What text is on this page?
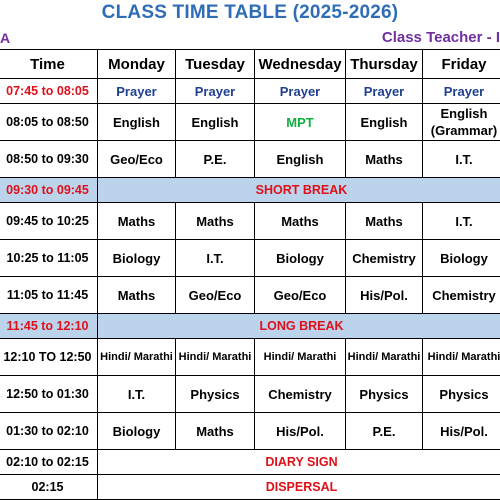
CLASS TIME TABLE (2025-2026)
A	Class Teacher - I
Time	Monday	Tuesday	Wednesday	Thursday	Friday
07:45 to 08:05	Prayer	Prayer	Prayer	Prayer	Prayer
08:05 to 08:50	English	English	MPT	English	English (Grammar)
08:50 to 09:30	Geo/Eco	P.E.	English	Maths	I.T.
09:30 to 09:45	SHORT BREAK				
09:45 to 10:25	Maths	Maths	Maths	Maths	I.T.
10:25 to 11:05	Biology	I.T.	Biology	Chemistry	Biology
11:05 to 11:45	Maths	Geo/Eco	Geo/Eco	His/Pol.	Chemistry
11:45 to 12:10	LONG BREAK				
12:10 TO 12:50	Hindi/ Marathi	Hindi/ Marathi	Hindi/ Marathi	Hindi/ Marathi	Hindi/ Marathi
12:50 to 01:30	I.T.	Physics	Chemistry	Physics	Physics
01:30 to 02:10	Biology	Maths	His/Pol.	P.E.	His/Pol.
02:10 to 02:15	DIARY SIGN				
02:15	DISPERSAL				
